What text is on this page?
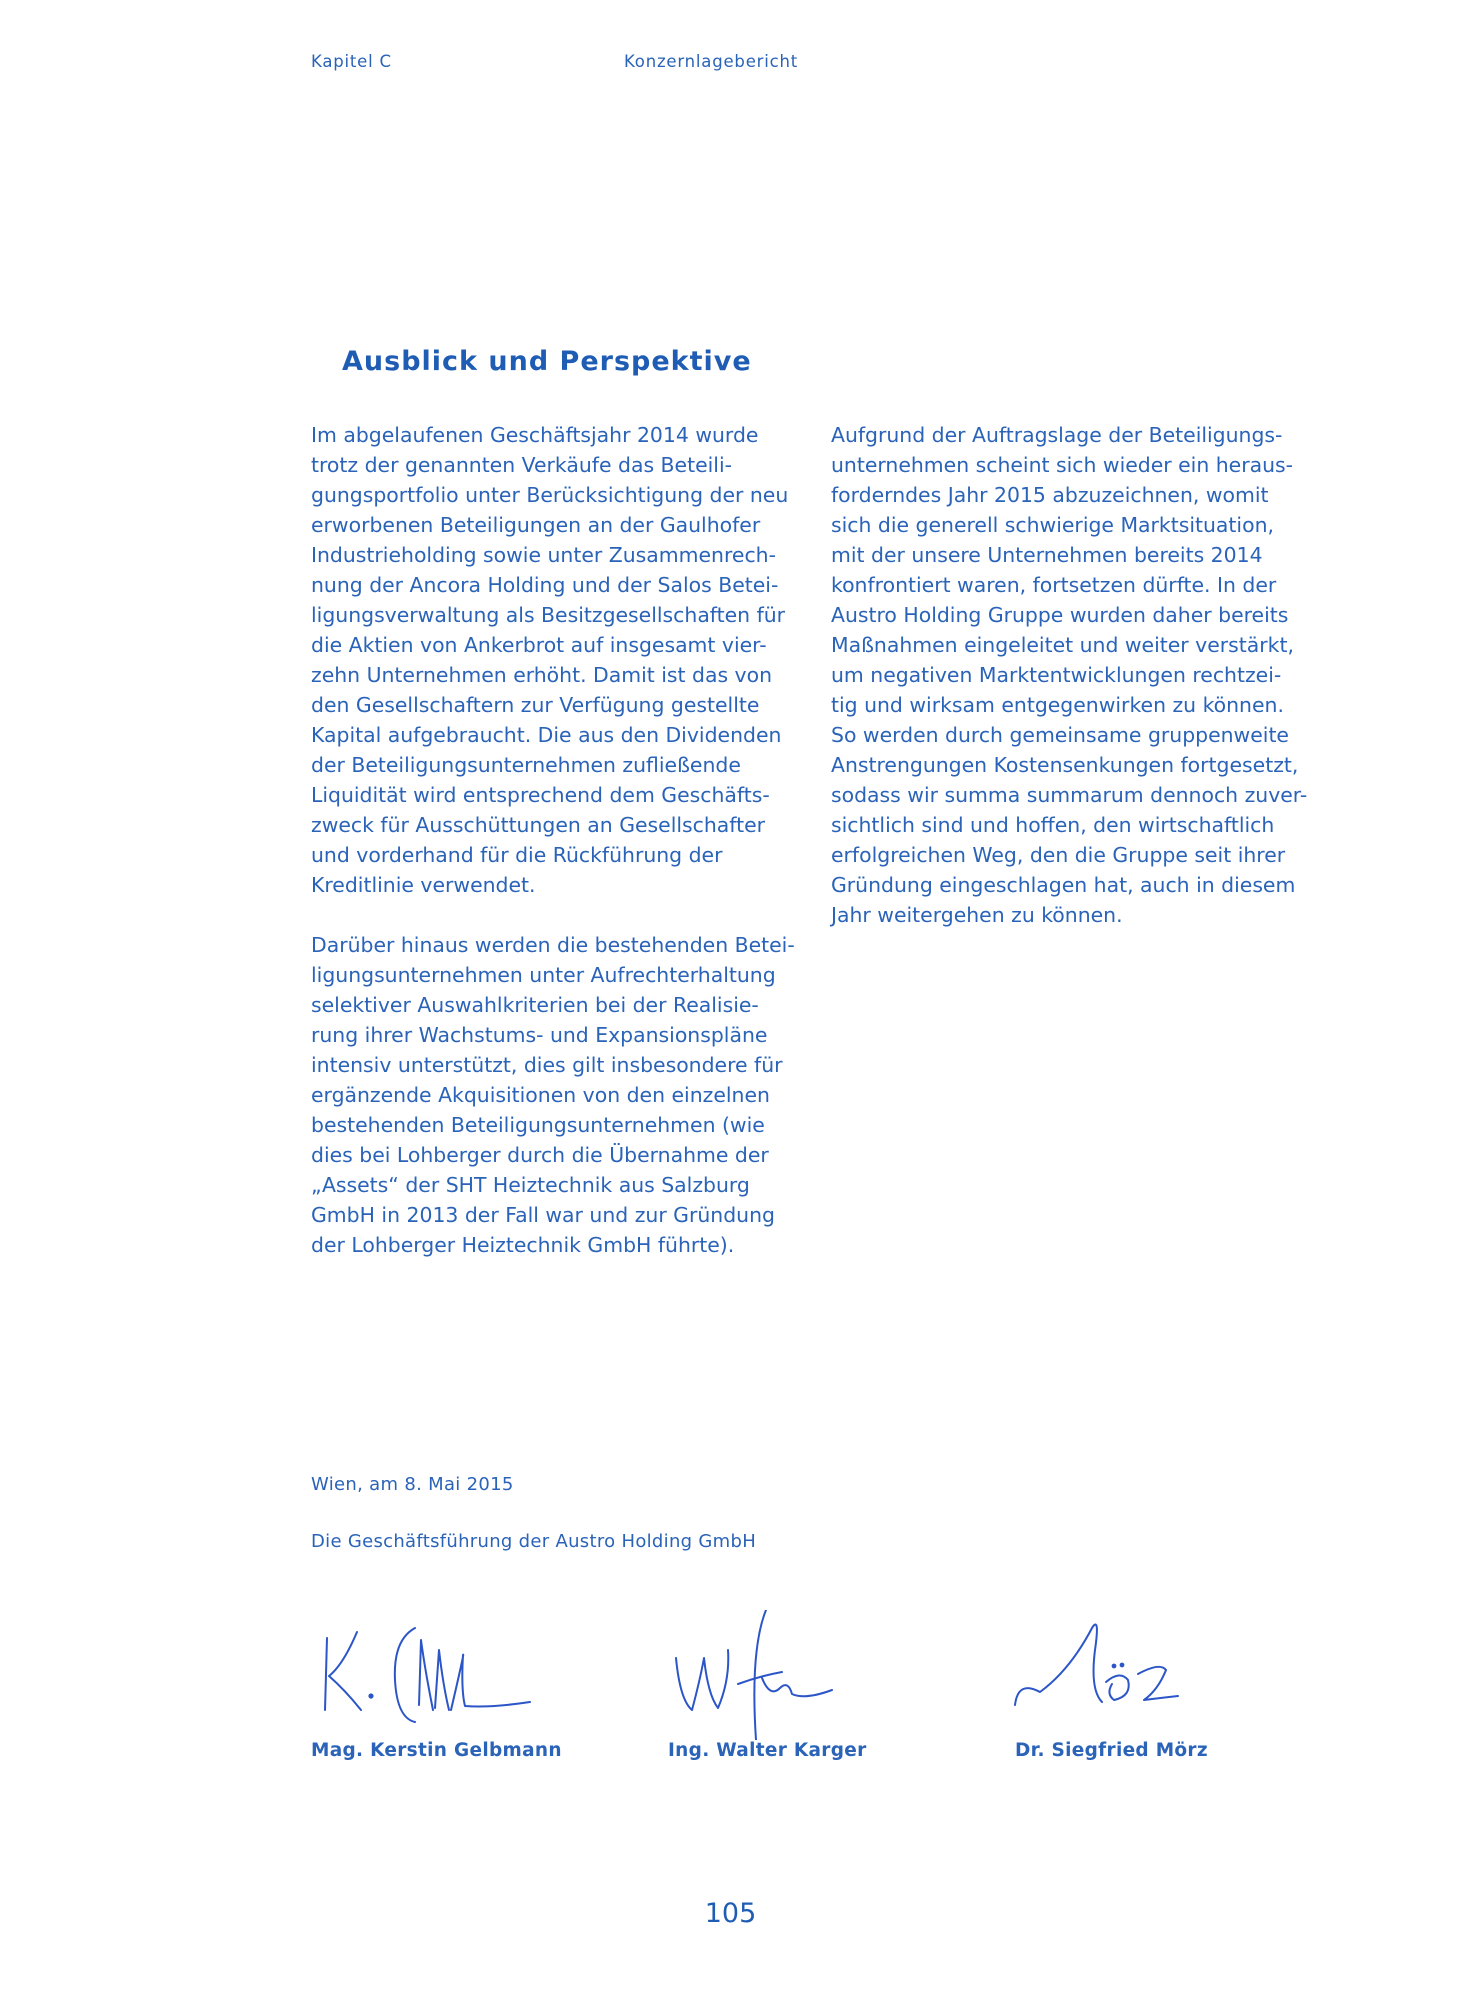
Kapitel C	Konzernlagebericht
Ausblick und Perspektive

Im abgelaufenen Geschäftsjahr 2014 wurde
trotz der genannten Verkäufe das Beteili-
gungsportfolio unter Berücksichtigung der neu
erworbenen Beteiligungen an der Gaulhofer
Industrieholding sowie unter Zusammenrech-
nung der Ancora Holding und der Salos Betei-
ligungsverwaltung als Besitzgesellschaften für
die Aktien von Ankerbrot auf insgesamt vier-
zehn Unternehmen erhöht. Damit ist das von
den Gesellschaftern zur Verfügung gestellte
Kapital aufgebraucht. Die aus den Dividenden
der Beteiligungsunternehmen zufließende
Liquidität wird entsprechend dem Geschäfts-
zweck für Ausschüttungen an Gesellschafter
und vorderhand für die Rückführung der
Kreditlinie verwendet.

Darüber hinaus werden die bestehenden Betei-
ligungsunternehmen unter Aufrechterhaltung
selektiver Auswahlkriterien bei der Realisie-
rung ihrer Wachstums- und Expansionspläne
intensiv unterstützt, dies gilt insbesondere für
ergänzende Akquisitionen von den einzelnen
bestehenden Beteiligungsunternehmen (wie
dies bei Lohberger durch die Übernahme der
„Assets“ der SHT Heiztechnik aus Salzburg
GmbH in 2013 der Fall war und zur Gründung
der Lohberger Heiztechnik GmbH führte).

Aufgrund der Auftragslage der Beteiligungs-
unternehmen scheint sich wieder ein heraus-
forderndes Jahr 2015 abzuzeichnen, womit
sich die generell schwierige Marktsituation,
mit der unsere Unternehmen bereits 2014
konfrontiert waren, fortsetzen dürfte. In der
Austro Holding Gruppe wurden daher bereits
Maßnahmen eingeleitet und weiter verstärkt,
um negativen Marktentwicklungen rechtzei-
tig und wirksam entgegenwirken zu können.
So werden durch gemeinsame gruppenweite
Anstrengungen Kostensenkungen fortgesetzt,
sodass wir summa summarum dennoch zuver-
sichtlich sind und hoffen, den wirtschaftlich
erfolgreichen Weg, den die Gruppe seit ihrer
Gründung eingeschlagen hat, auch in diesem
Jahr weitergehen zu können.

Wien, am 8. Mai 2015
Die Geschäftsführung der Austro Holding GmbH
Mag. Kerstin Gelbmann	Ing. Walter Karger	Dr. Siegfried Mörz
105
